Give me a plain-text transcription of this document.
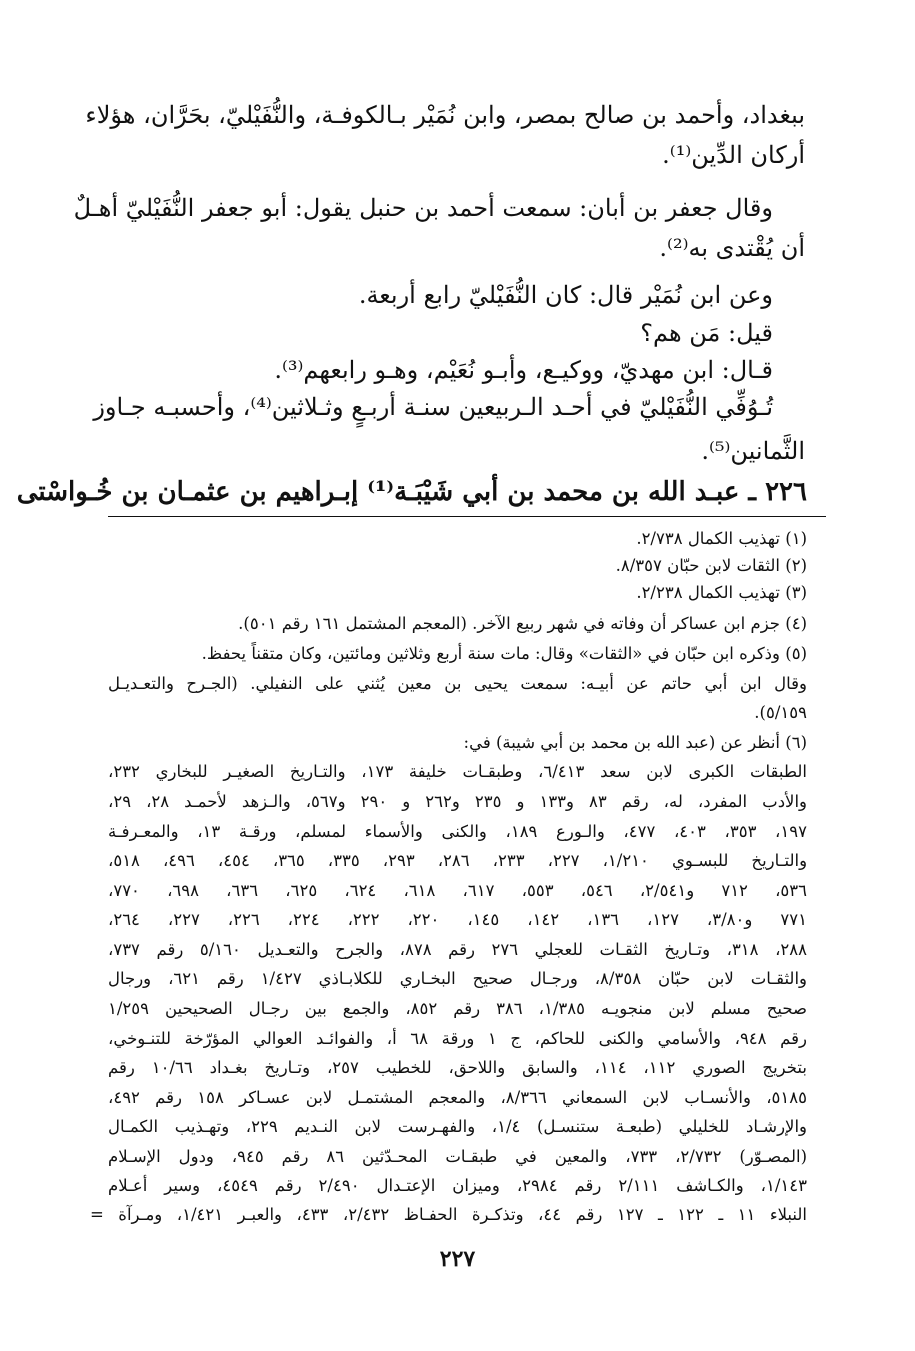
ببغداد، وأحمد بن صالح بمصر، وابن نُمَيْر بـالكوفـة، والنُّفَيْليّ، بحَرَّان، هؤلاء
أركان الدِّين⁽¹⁾.
وقال جعفر بن أبان: سمعت أحمد بن حنبل يقول: أبو جعفر النُّفَيْليّ أهـلٌ
أن يُقْتدى به⁽²⁾.
وعن ابن نُمَيْر قال: كان النُّفَيْليّ رابع أربعة.
قيل: مَن هم؟
قـال: ابن مهديّ، ووكيـع، وأبـو نُعَيْم، وهـو رابعهم⁽³⁾.
تُـوُفِّي النُّفَيْليّ في أحـد الـربيعين سنـة أربـعٍ وثـلاثين⁽⁴⁾، وأحسبـه جـاوز
الثَّمانين⁽⁵⁾.
٢٢٦ ـ عبـد الله بن محمد بن أبي شَيْبَـة⁽¹⁾ إبـراهيم بن عثمـان بن خُـواسْتى
(١) تهذيب الكمال ٢/٧٣٨.
(٢) الثقات لابن حبّان ٨/٣٥٧.
(٣) تهذيب الكمال ٢/٢٣٨.
(٤) جزم ابن عساكر أن وفاته في شهر ربيع الآخر. (المعجم المشتمل ١٦١ رقم ٥٠١).
(٥) وذكره ابن حبّان في «الثقات» وقال: مات سنة أربع وثلاثين ومائتين، وكان متقناً يحفظ.
وقال ابن أبي حاتم عن أبيـه: سمعت يحيى بن معين يُثني على النفيلي. (الجـرح والتعـديـل
٥/١٥٩).
(٦) أنظر عن (عبد الله بن محمد بن أبي شيبة) في:
الطبقات الكبرى لابن سعد ٦/٤١٣، وطبقـات خليفة ١٧٣، والتـاريخ الصغيـر للبخاري ٢٣٢،
والأدب المفرد، له، رقم ٨٣ و١٣٣ و ٢٣٥ و٢٦٢ و ٢٩٠ و٥٦٧، والـزهد لأحمـد ٢٨، ٢٩،
١٩٧، ٣٥٣، ٤٠٣، ٤٧٧، والـورع ١٨٩، والكنى والأسماء لمسلم، ورقـة ١٣، والمعـرفـة
والتـاريخ للبسـوي ١/٢١٠، ٢٢٧، ٢٣٣، ٢٨٦، ٢٩٣، ٣٣٥، ٣٦٥، ٤٥٤، ٤٩٦، ٥١٨،
٥٣٦، ٧١٢ و٢/٥٤١، ٥٤٦، ٥٥٣، ٦١٧، ٦١٨، ٦٢٤، ٦٢٥، ٦٣٦، ٦٩٨، ٧٧٠،
٧٧١ و٣/٨٠، ١٢٧، ١٣٦، ١٤٢، ١٤٥، ٢٢٠، ٢٢٢، ٢٢٤، ٢٢٦، ٢٢٧، ٢٦٤،
٢٨٨، ٣١٨، وتـاريخ الثقـات للعجلي ٢٧٦ رقم ٨٧٨، والجرح والتعـديل ٥/١٦٠ رقم ٧٣٧،
والثقـات لابن حبّان ٨/٣٥٨، ورجـال صحيح البخـاري للكلابـاذي ١/٤٢٧ رقم ٦٢١، ورجال
صحيح مسلم لابن منجويـه ١/٣٨٥، ٣٨٦ رقم ٨٥٢، والجمع بين رجـال الصحيحين ١/٢٥٩
رقم ٩٤٨، والأسامي والكنى للحاكم، ج ١ ورقة ٦٨ أ، والفوائـد العوالي المؤرّخة للتنـوخي،
بتخريج الصوري ١١٢، ١١٤، والسابق واللاحق، للخطيب ٢٥٧، وتـاريخ بغـداد ١٠/٦٦ رقم
٥١٨٥، والأنسـاب لابن السمعاني ٨/٣٦٦، والمعجم المشتمـل لابن عسـاكر ١٥٨ رقم ٤٩٢،
والإرشـاد للخليلي (طبعـة ستنسـل) ١/٤، والفهـرست لابن النـديم ٢٢٩، وتهـذيب الكمـال
(المصـوّر) ٢/٧٣٢، ٧٣٣، والمعين في طبقـات المحـدّثين ٨٦ رقم ٩٤٥، ودول الإسـلام
١/١٤٣، والكـاشف ٢/١١١ رقم ٢٩٨٤، وميزان الإعتـدال ٢/٤٩٠ رقم ٤٥٤٩، وسير أعـلام
النبلاء ١١ ـ ١٢٢ ـ ١٢٧ رقم ٤٤، وتذكـرة الحفـاظ ٢/٤٣٢، ٤٣٣، والعبـر ١/٤٢١، ومـرآة =
٢٢٧
